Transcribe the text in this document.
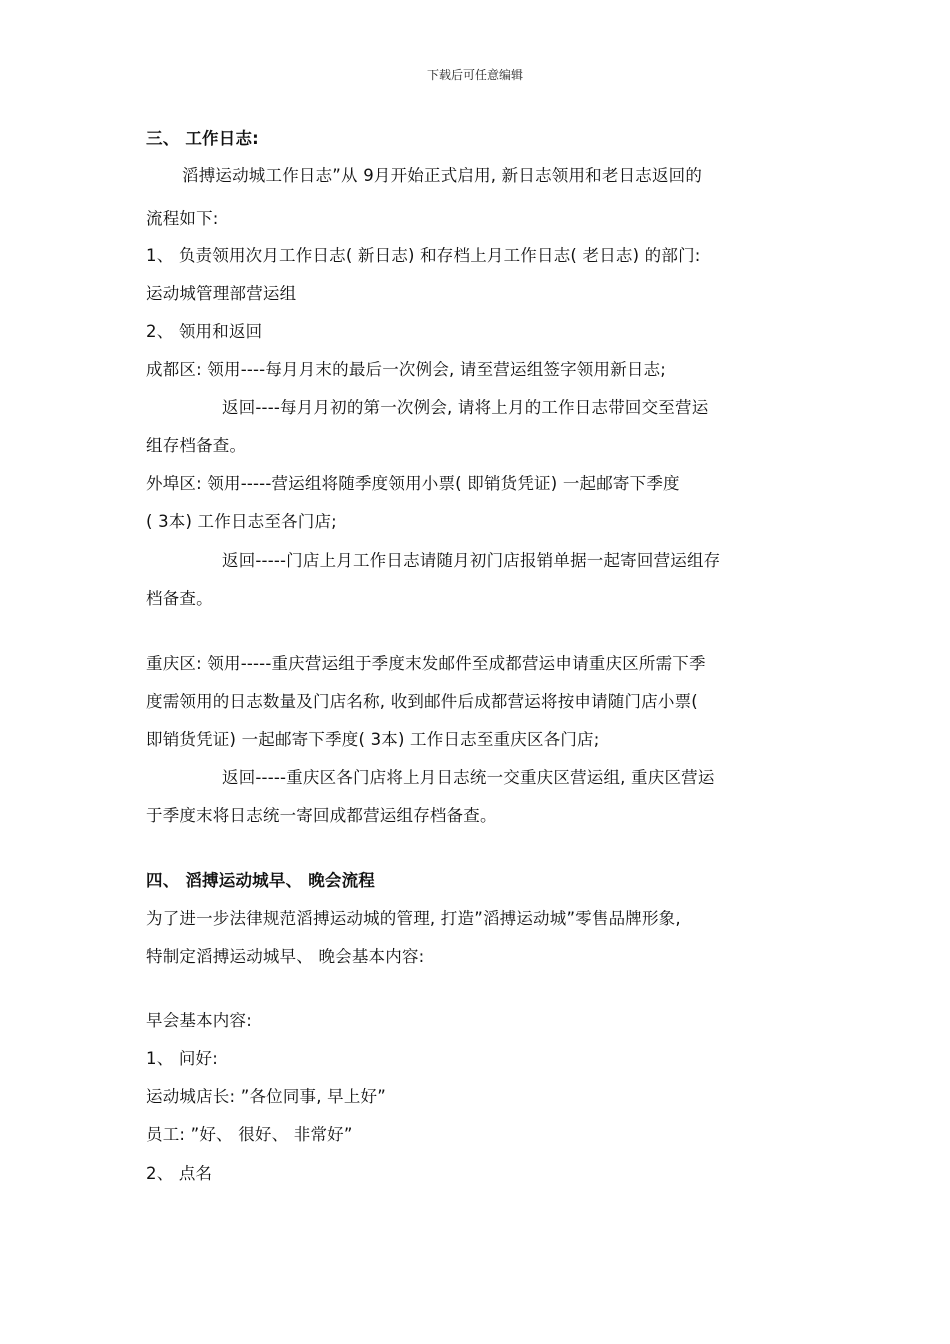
下载后可任意编辑
三、 工作日志:
滔搏运动城工作日志”从 9月开始正式启用, 新日志领用和老日志返回的
流程如下:
1、 负责领用次月工作日志( 新日志) 和存档上月工作日志( 老日志) 的部门:
运动城管理部营运组
2、 领用和返回
成都区: 领用----每月月末的最后一次例会, 请至营运组签字领用新日志;
返回----每月月初的第一次例会, 请将上月的工作日志带回交至营运
组存档备查。
外埠区: 领用-----营运组将随季度领用小票( 即销货凭证) 一起邮寄下季度
( 3本) 工作日志至各门店;
返回-----门店上月工作日志请随月初门店报销单据一起寄回营运组存
档备查。
重庆区: 领用-----重庆营运组于季度末发邮件至成都营运申请重庆区所需下季
度需领用的日志数量及门店名称, 收到邮件后成都营运将按申请随门店小票(
即销货凭证) 一起邮寄下季度( 3本) 工作日志至重庆区各门店;
返回-----重庆区各门店将上月日志统一交重庆区营运组, 重庆区营运
于季度末将日志统一寄回成都营运组存档备查。
四、 滔搏运动城早、 晚会流程
为了进一步法律规范滔搏运动城的管理, 打造”滔搏运动城”零售品牌形象,
特制定滔搏运动城早、 晚会基本内容:
早会基本内容:
1、 问好:
运动城店长: ”各位同事, 早上好”
员工: ”好、 很好、 非常好”
2、 点名
